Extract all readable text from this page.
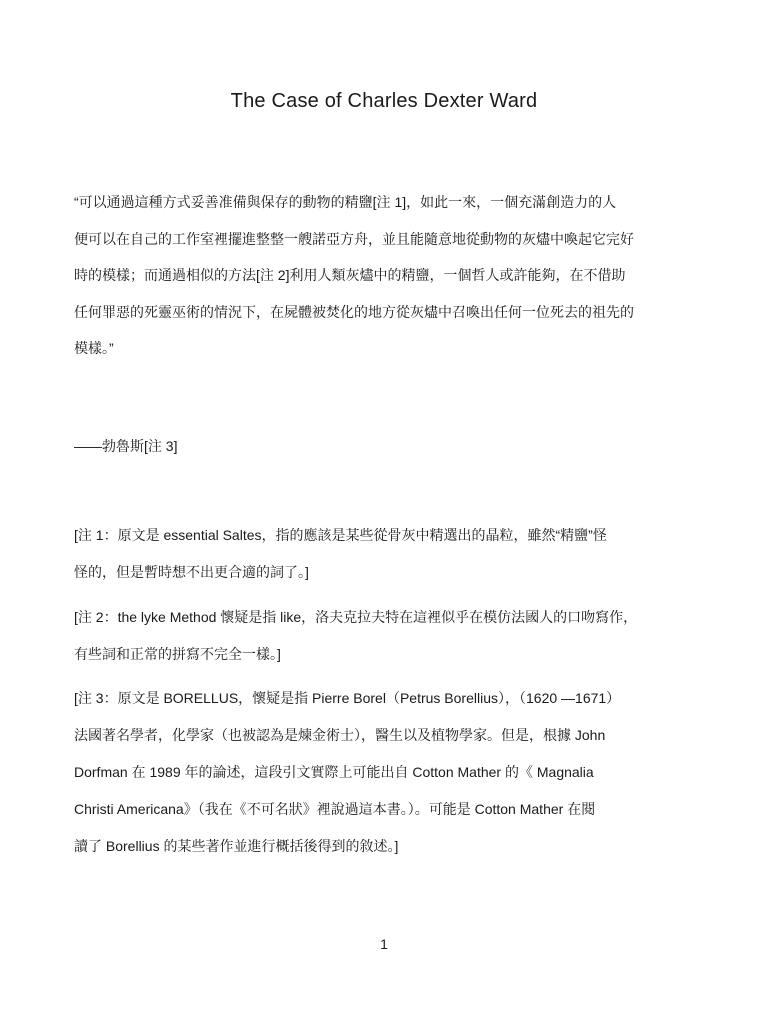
The Case of Charles Dexter Ward
“可以通過這種方式妥善准備與保存的動物的精鹽[注 1]，如此一來，一個充滿創造力的人
便可以在自己的工作室裡擺進整整一艘諾亞方舟，並且能隨意地從動物的灰燼中喚起它完好
時的模樣；而通過相似的方法[注 2]利用人類灰燼中的精鹽，一個哲人或許能夠，在不借助
任何罪惡的死靈巫術的情況下，在屍體被焚化的地方從灰燼中召喚出任何一位死去的祖先的
模樣。”
——勃魯斯[注 3]
[注 1：原文是 essential Saltes，指的應該是某些從骨灰中精選出的晶粒，雖然“精鹽”怪
怪的，但是暫時想不出更合適的詞了。]
[注 2：the lyke Method 懷疑是指 like，洛夫克拉夫特在這裡似乎在模仿法國人的口吻寫作，
有些詞和正常的拼寫不完全一樣。]
[注 3：原文是 BORELLUS，懷疑是指 Pierre Borel（Petrus Borellius），（1620 —1671）
法國著名學者，化學家（也被認為是煉金術士），醫生以及植物學家。但是，根據 John
Dorfman 在 1989 年的論述，這段引文實際上可能出自 Cotton Mather 的《 Magnalia
Christi Americana》（我在《不可名狀》裡說過這本書。）。可能是 Cotton Mather 在閱
讀了 Borellius 的某些著作並進行概括後得到的敘述。]
1
